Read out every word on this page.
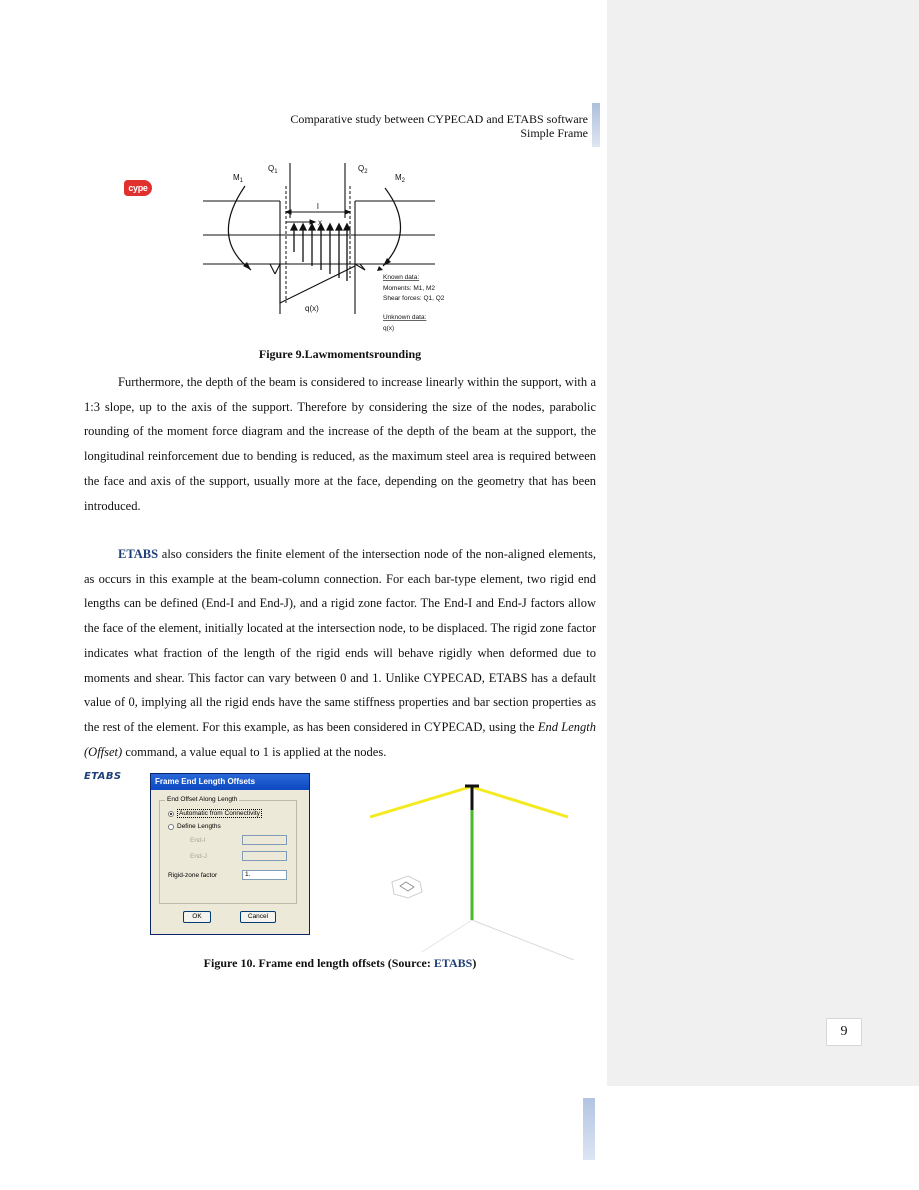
Comparative study between CYPECAD and ETABS software
Simple Frame
cype
$M_1$
$Q_1$	$Q_2$
$M_2$
l
x
q(x)
Known data:
Moments: M1, M2
Shear forces: Q1, Q2
Unknown data:
q(x)
Figure 9.Lawmomentsrounding

Furthermore, the depth of the beam is considered to increase linearly within the support, with a 1:3 slope, up to the axis of the support. Therefore by considering the size of the nodes, parabolic rounding of the moment force diagram and the increase of the depth of the beam at the support, the longitudinal reinforcement due to bending is reduced, as the maximum steel area is required between the face and axis of the support, usually more at the face, depending on the geometry that has been introduced.

ETABS also considers the finite element of the intersection node of the non-aligned elements, as occurs in this example at the beam-column connection. For each bar-type element, two rigid end lengths can be defined (End-I and End-J), and a rigid zone factor. The End-I and End-J factors allow the face of the element, initially located at the intersection node, to be displaced. The rigid zone factor indicates what fraction of the length of the rigid ends will behave rigidly when deformed due to moments and shear. This factor can vary between 0 and 1. Unlike CYPECAD, ETABS has a default value of 0, implying all the rigid ends have the same stiffness properties and bar section properties as the rest of the element. For this example, as has been considered in CYPECAD, using the End Length (Offset) command, a value equal to 1 is applied at the nodes.

ETABS	Frame End Length Offsets
End Offset Along Length
Automatic from Connectivity
Define Lengths
End-I
End-J
Rigid-zone factor	1.
OK	Cancel
Figure 10. Frame end length offsets (Source: ETABS)
9
